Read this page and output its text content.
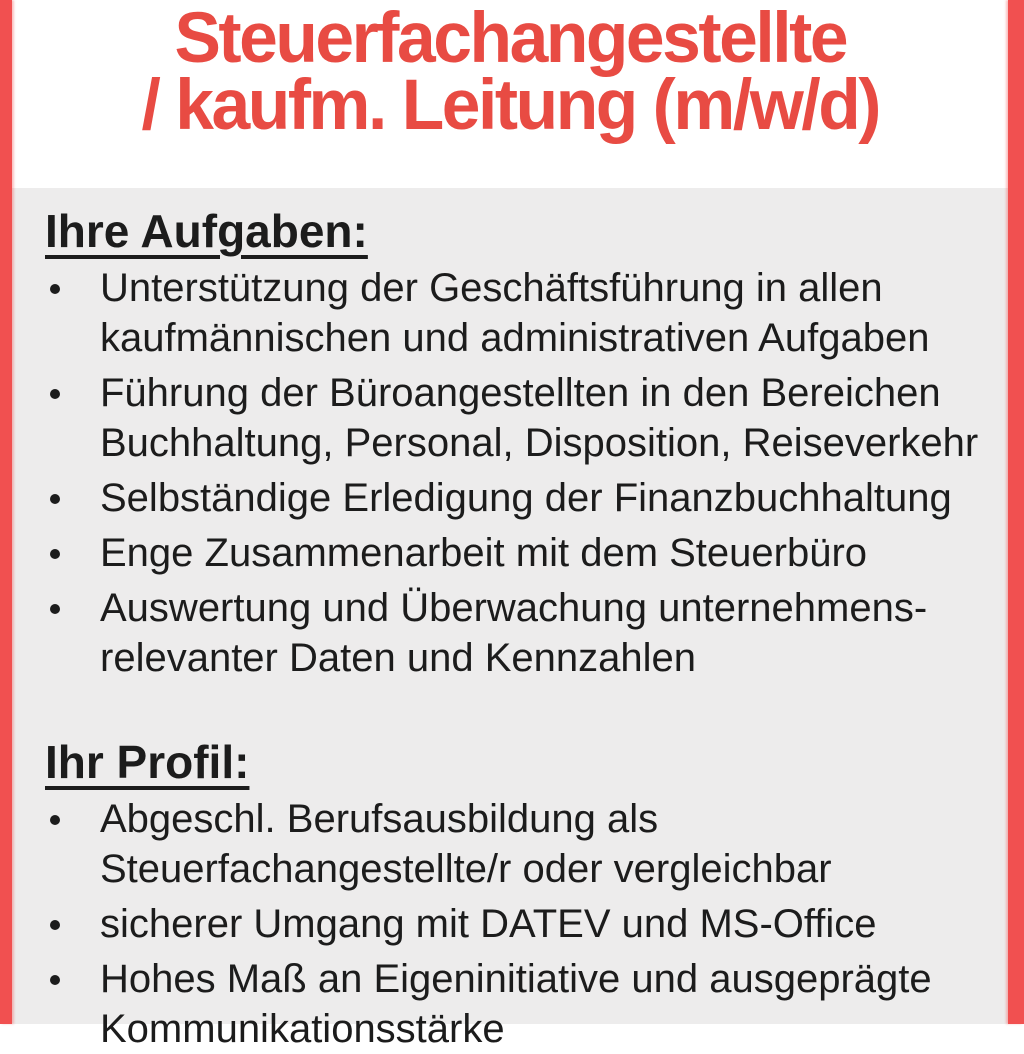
Steuerfachangestellte
/ kaufm. Leitung (m/w/d)
Ihre Aufgaben:
Unterstützung der Geschäftsführung in allen
kaufmännischen und administrativen Aufgaben
Führung der Büroangestellten in den Bereichen
Buchhaltung, Personal, Disposition, Reiseverkehr
Selbständige Erledigung der Finanzbuchhaltung
Enge Zusammenarbeit mit dem Steuerbüro
Auswertung und Überwachung unternehmens-
relevanter Daten und Kennzahlen
Ihr Profil:
Abgeschl. Berufsausbildung als
Steuerfachangestellte/r oder vergleichbar
sicherer Umgang mit DATEV und MS-Office
Hohes Maß an Eigeninitiative und ausgeprägte
Kommunikationsstärke
